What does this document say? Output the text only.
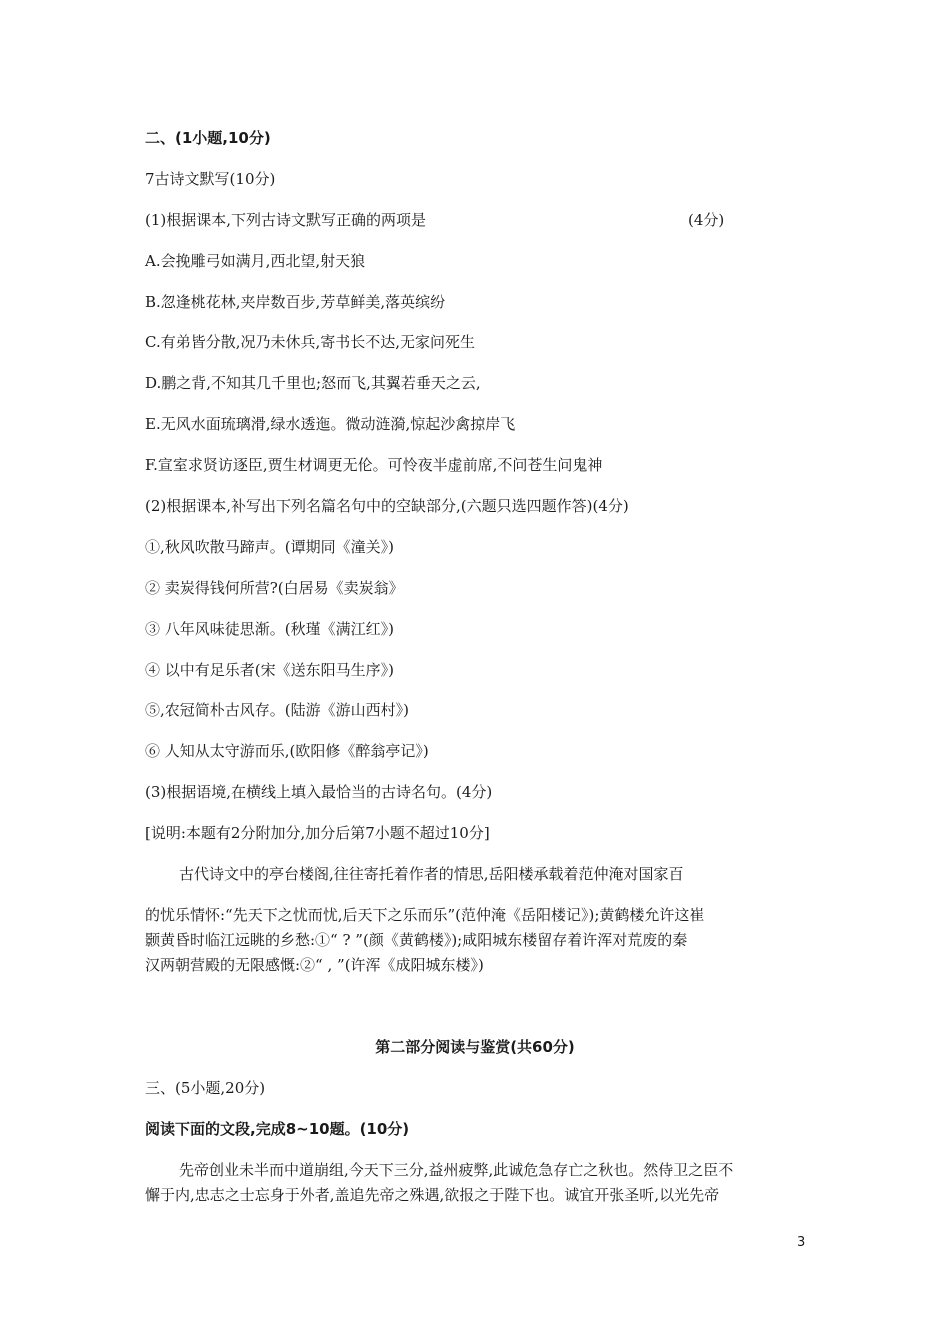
二、(1小题,10分)
7古诗文默写(10分)
(1)根据课本,下列古诗文默写正确的两项是	(4分)
A.会挽雕弓如满月,西北望,射天狼
B.忽逢桃花林,夹岸数百步,芳草鲜美,落英缤纷
C.有弟皆分散,况乃未休兵,寄书长不达,无家问死生
D.鹏之背,不知其几千里也;怒而飞,其翼若垂天之云,
E.无风水面琉璃滑,绿水透迤。微动涟漪,惊起沙禽掠岸飞
F.宣室求贤访逐臣,贾生材调更无伦。可怜夜半虚前席,不问苍生问鬼神
(2)根据课本,补写出下列名篇名句中的空缺部分,(六题只选四题作答)(4分)
①,秋风吹散马蹄声。(谭期同《潼关》)
② 卖炭得钱何所营?(白居易《卖炭翁》
③ 八年风味徒思渐。(秋瑾《满江红》)
④ 以中有足乐者(宋《送东阳马生序》)
⑤,农冠简朴古风存。(陆游《游山西村》)
⑥ 人知从太守游而乐,(欧阳修《醉翁亭记》)
(3)根据语境,在横线上填入最恰当的古诗名句。(4分)
[说明:本题有2分附加分,加分后第7小题不超过10分]
古代诗文中的亭台楼阁,往往寄托着作者的情思,岳阳楼承载着范仲淹对国家百
的忧乐情怀:“先天下之忧而忧,后天下之乐而乐”(范仲淹《岳阳楼记》);黄鹤楼允许这崔
颢黄昏时临江远眺的乡愁:①“ ? ”(颜《黄鹤楼》);咸阳城东楼留存着许浑对荒废的秦
汉两朝营殿的无限感慨:②“ , ”(许浑《成阳城东楼》)
第二部分阅读与鉴赏(共60分)
三、(5小题,20分)
阅读下面的文段,完成8~10题。(10分)
先帝创业未半而中道崩组,今天下三分,益州疲弊,此诚危急存亡之秋也。然侍卫之臣不
懈于内,忠志之士忘身于外者,盖追先帝之殊遇,欲报之于陛下也。诚宜开张圣听,以光先帝
3
